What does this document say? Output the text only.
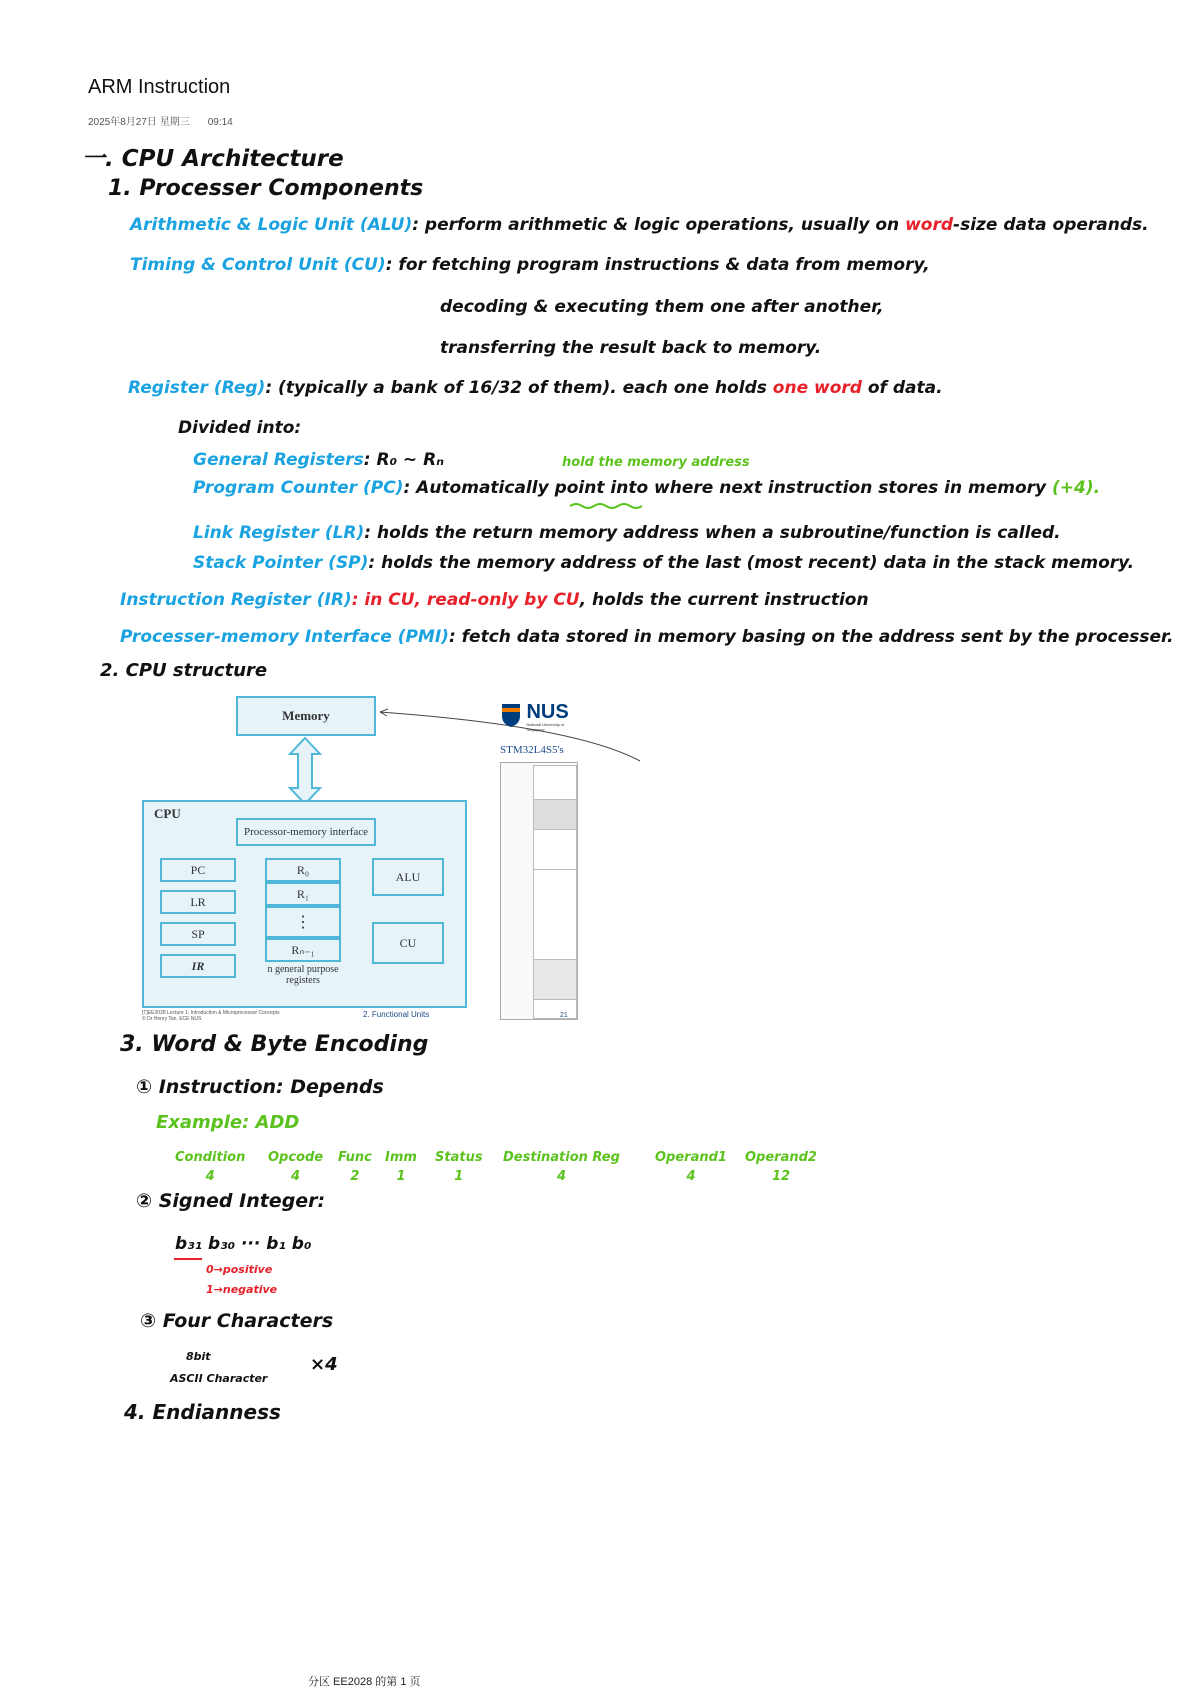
ARM Instruction
2025年8月27日 星期三 09:14
一. CPU Architecture
1. Processer Components
Arithmetic & Logic Unit (ALU): perform arithmetic & logic operations, usually on word-size data operands.
Timing & Control Unit (CU): for fetching program instructions & data from memory,
decoding & executing them one after another,
transferring the result back to memory.
Register (Reg): (typically a bank of 16/32 of them). each one holds one word of data.
Divided into:
General Registers: R₀ ~ Rₙ	hold the memory address
Program Counter (PC): Automatically point into where next instruction stores in memory (+4).
Link Register (LR): holds the return memory address when a subroutine/function is called.
Stack Pointer (SP): holds the memory address of the last (most recent) data in the stack memory.
Instruction Register (IR): in CU, read-only by CU, holds the current instruction
Processer-memory Interface (PMI): fetch data stored in memory basing on the address sent by the processer.
2. CPU structure
Memory
CPU
Processor-memory interface
PC
LR
SP
IR
R₀
R₁
⋮
Rₙ₋₁
n general purpose registers
ALU
CU
[T]EE2028 Lecture 1: Introduction & Microprocessor Concepts
© Dr Henry Tan, ECE NUS	2. Functional Units

NUS
National University of Singapore
STM32L4S5's
21
3. Word & Byte Encoding
① Instruction: Depends
Example: ADD
Condition
4
Opcode
4
Func
2
Imm
1
Status
1
Destination Reg
4
Operand1
4
Operand2
12
② Signed Integer:
b₃₁ b₃₀ ··· b₁ b₀
0→positive
1→negative
③ Four Characters
8bit
ASCII Character
×4
4. Endianness
分区 EE2028 的第 1 页
